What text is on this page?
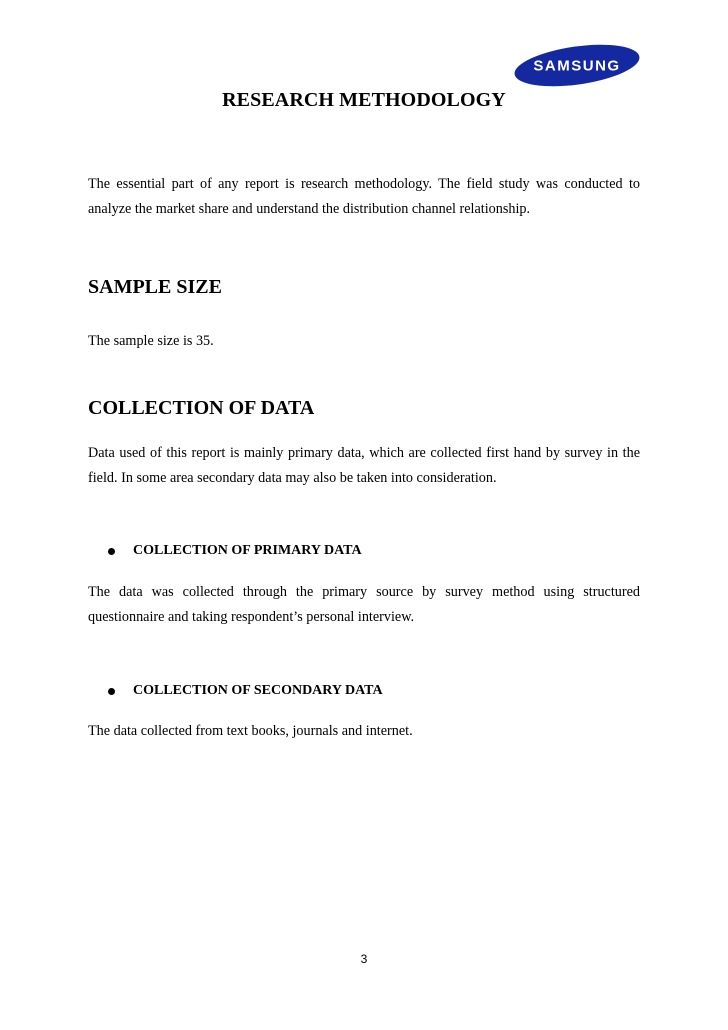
SAMSUNG
RESEARCH METHODOLOGY

The essential part of any report is research methodology. The field study was conducted to analyze the market share and understand the distribution channel relationship.

SAMPLE SIZE

The sample size is 35.

COLLECTION OF DATA

Data used of this report is mainly primary data, which are collected first hand by survey in the field. In some area secondary data may also be taken into consideration.

COLLECTION OF PRIMARY DATA

The data was collected through the primary source by survey method using structured questionnaire and taking respondent’s personal interview.

COLLECTION OF SECONDARY DATA

The data collected from text books, journals and internet.

3
